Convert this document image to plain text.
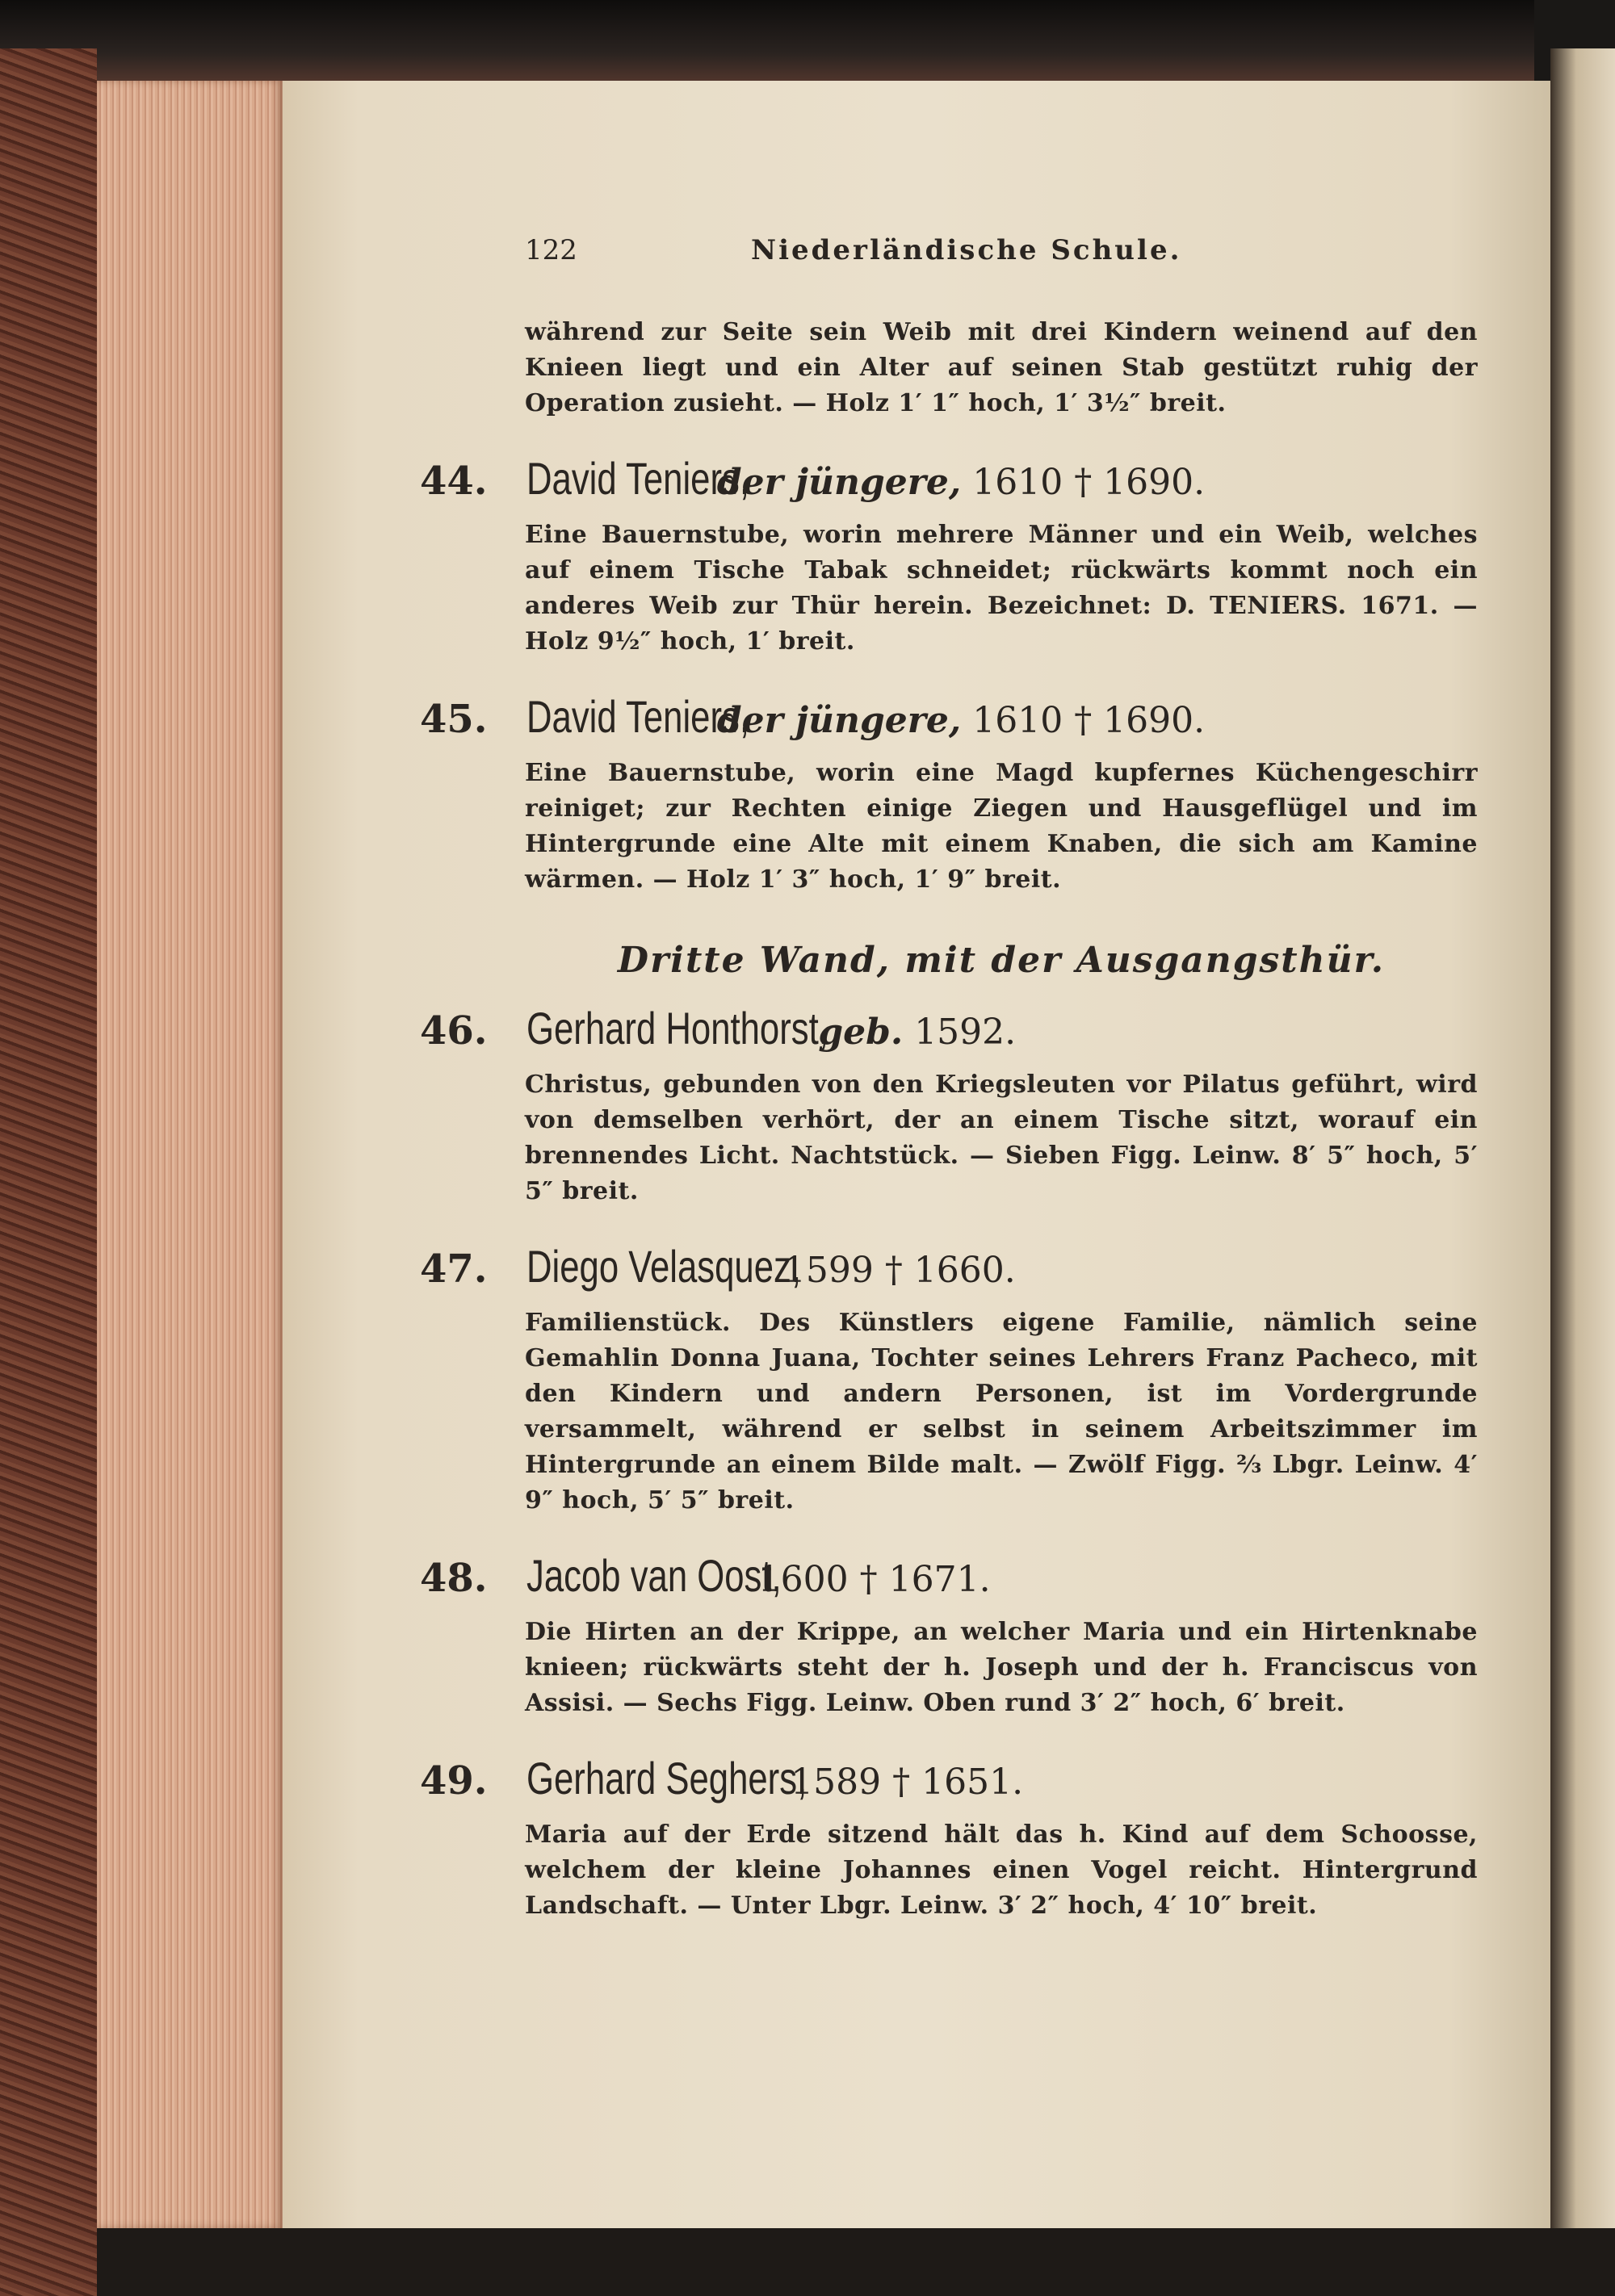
122	Niederländische Schule.

während zur Seite sein Weib mit drei Kindern weinend auf den Knieen liegt und ein Alter auf seinen Stab gestützt ruhig der Operation zusieht. — Holz 1′ 1″ hoch, 1′ 3½″ breit.

44. David Teniers,
der jüngere, 1610 † 1690.

Eine Bauernstube, worin mehrere Männer und ein Weib, welches auf einem Tische Tabak schneidet; rückwärts kommt noch ein anderes Weib zur Thür herein. Bezeichnet: D. TENIERS. 1671. — Holz 9½″ hoch, 1′ breit.

45. David Teniers,
der jüngere, 1610 † 1690.

Eine Bauernstube, worin eine Magd kupfernes Küchengeschirr reiniget; zur Rechten einige Ziegen und Hausgeflügel und im Hintergrunde eine Alte mit einem Knaben, die sich am Kamine wärmen. — Holz 1′ 3″ hoch, 1′ 9″ breit.

Dritte Wand, mit der Ausgangsthür.
46. Gerhard Honthorst,
geb. 1592.

Christus, gebunden von den Kriegsleuten vor Pilatus geführt, wird von demselben verhört, der an einem Tische sitzt, worauf ein brennendes Licht. Nachtstück. — Sieben Figg. Leinw. 8′ 5″ hoch, 5′ 5″ breit.

47. Diego Velasquez,
1599 † 1660.

Familienstück. Des Künstlers eigene Familie, nämlich seine Gemahlin Donna Juana, Tochter seines Lehrers Franz Pacheco, mit den Kindern und andern Personen, ist im Vordergrunde versammelt, während er selbst in seinem Arbeitszimmer im Hintergrunde an einem Bilde malt. — Zwölf Figg. ⅔ Lbgr. Leinw. 4′ 9″ hoch, 5′ 5″ breit.

48. Jacob van Oost,
1600 † 1671.

Die Hirten an der Krippe, an welcher Maria und ein Hirtenknabe knieen; rückwärts steht der h. Joseph und der h. Franciscus von Assisi. — Sechs Figg. Leinw. Oben rund 3′ 2″ hoch, 6′ breit.

49. Gerhard Seghers,
1589 † 1651.

Maria auf der Erde sitzend hält das h. Kind auf dem Schoosse, welchem der kleine Johannes einen Vogel reicht. Hintergrund Landschaft. — Unter Lbgr. Leinw. 3′ 2″ hoch, 4′ 10″ breit.
